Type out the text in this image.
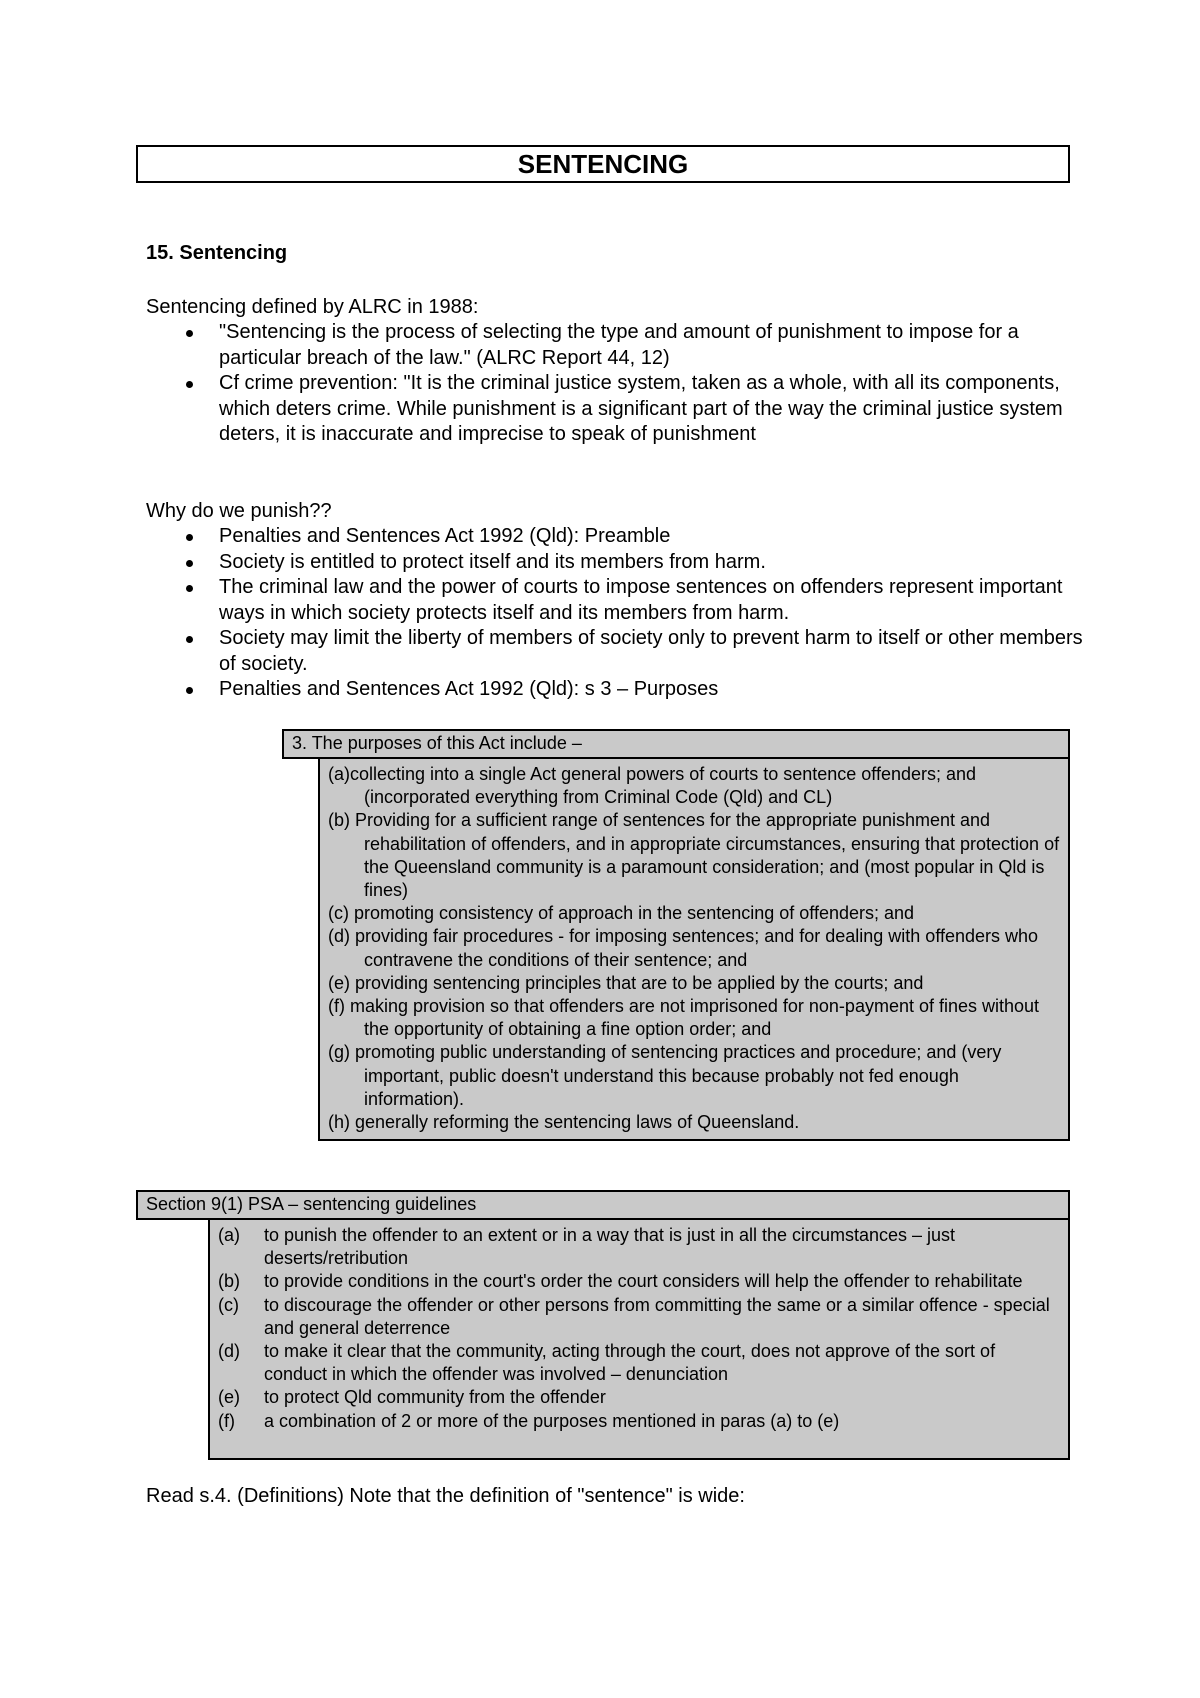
SENTENCING
15. Sentencing
Sentencing defined by ALRC in 1988:
"Sentencing is the process of selecting the type and amount of punishment to impose for a particular breach of the law." (ALRC Report 44, 12)
Cf crime prevention: "It is the criminal justice system, taken as a whole, with all its components, which deters crime. While punishment is a significant part of the way the criminal justice system deters, it is inaccurate and imprecise to speak of punishment
Why do we punish??
Penalties and Sentences Act 1992 (Qld): Preamble
Society is entitled to protect itself and its members from harm.
The criminal law and the power of courts to impose sentences on offenders represent important ways in which society protects itself and its members from harm.
Society may limit the liberty of members of society only to prevent harm to itself or other members of society.
Penalties and Sentences Act 1992 (Qld): s 3 – Purposes
3. The purposes of this Act include –
(a)collecting into a single Act general powers of courts to sentence offenders; and (incorporated everything from Criminal Code (Qld) and CL)
(b) Providing for a sufficient range of sentences for the appropriate punishment and rehabilitation of offenders, and in appropriate circumstances, ensuring that protection of the Queensland community is a paramount consideration; and (most popular in Qld is fines)
(c) promoting consistency of approach in the sentencing of offenders; and
(d) providing fair procedures - for imposing sentences; and for dealing with offenders who contravene the conditions of their sentence; and
(e) providing sentencing principles that are to be applied by the courts; and
(f) making provision so that offenders are not imprisoned for non-payment of fines without the opportunity of obtaining a fine option order; and
(g) promoting public understanding of sentencing practices and procedure; and (very important, public doesn't understand this because probably not fed enough information).
(h) generally reforming the sentencing laws of Queensland.
Section 9(1) PSA – sentencing guidelines
(a) to punish the offender to an extent or in a way that is just in all the circumstances – just deserts/retribution
(b) to provide conditions in the court's order the court considers will help the offender to rehabilitate
(c) to discourage the offender or other persons from committing the same or a similar offence - special and general deterrence
(d) to make it clear that the community, acting through the court, does not approve of the sort of conduct in which the offender was involved – denunciation
(e) to protect Qld community from the offender
(f) a combination of 2 or more of the purposes mentioned in paras (a) to (e)
Read s.4. (Definitions) Note that the definition of "sentence" is wide:
